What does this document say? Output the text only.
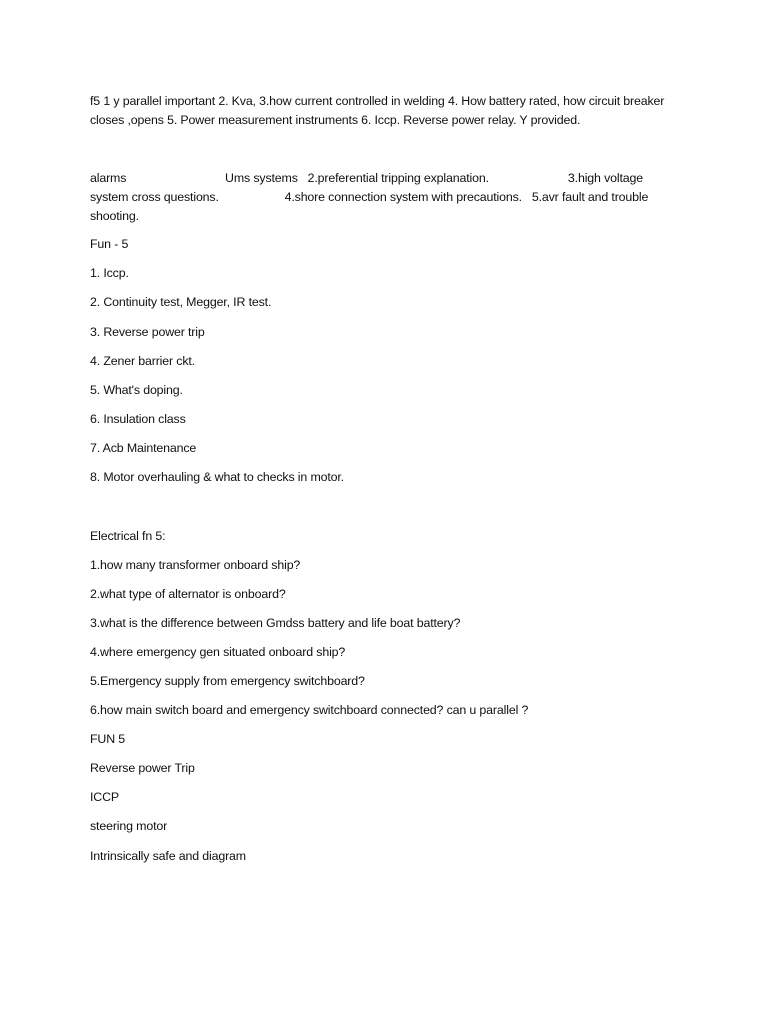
f5 1 y parallel important 2. Kva, 3.how current controlled in welding 4. How battery rated, how circuit breaker closes ,opens 5. Power measurement instruments 6. Iccp. Reverse power relay. Y provided.

alarms                              Ums systems   2.preferential tripping explanation.                        3.high voltage system cross questions.                    4.shore connection system with precautions.   5.avr fault and trouble shooting.

Fun - 5

1. Iccp.

2. Continuity test, Megger, IR test.

3. Reverse power trip

4. Zener barrier ckt.

5. What's doping.

6. Insulation class

7. Acb Maintenance

8. Motor overhauling & what to checks in motor.

Electrical fn 5:

1.how many transformer onboard ship?

2.what type of alternator is onboard?

3.what is the difference between Gmdss battery and life boat battery?

4.where emergency gen situated onboard ship?

5.Emergency supply from emergency switchboard?

6.how main switch board and emergency switchboard connected? can u parallel ?

FUN 5

Reverse power Trip

ICCP

steering motor

Intrinsically safe and diagram
